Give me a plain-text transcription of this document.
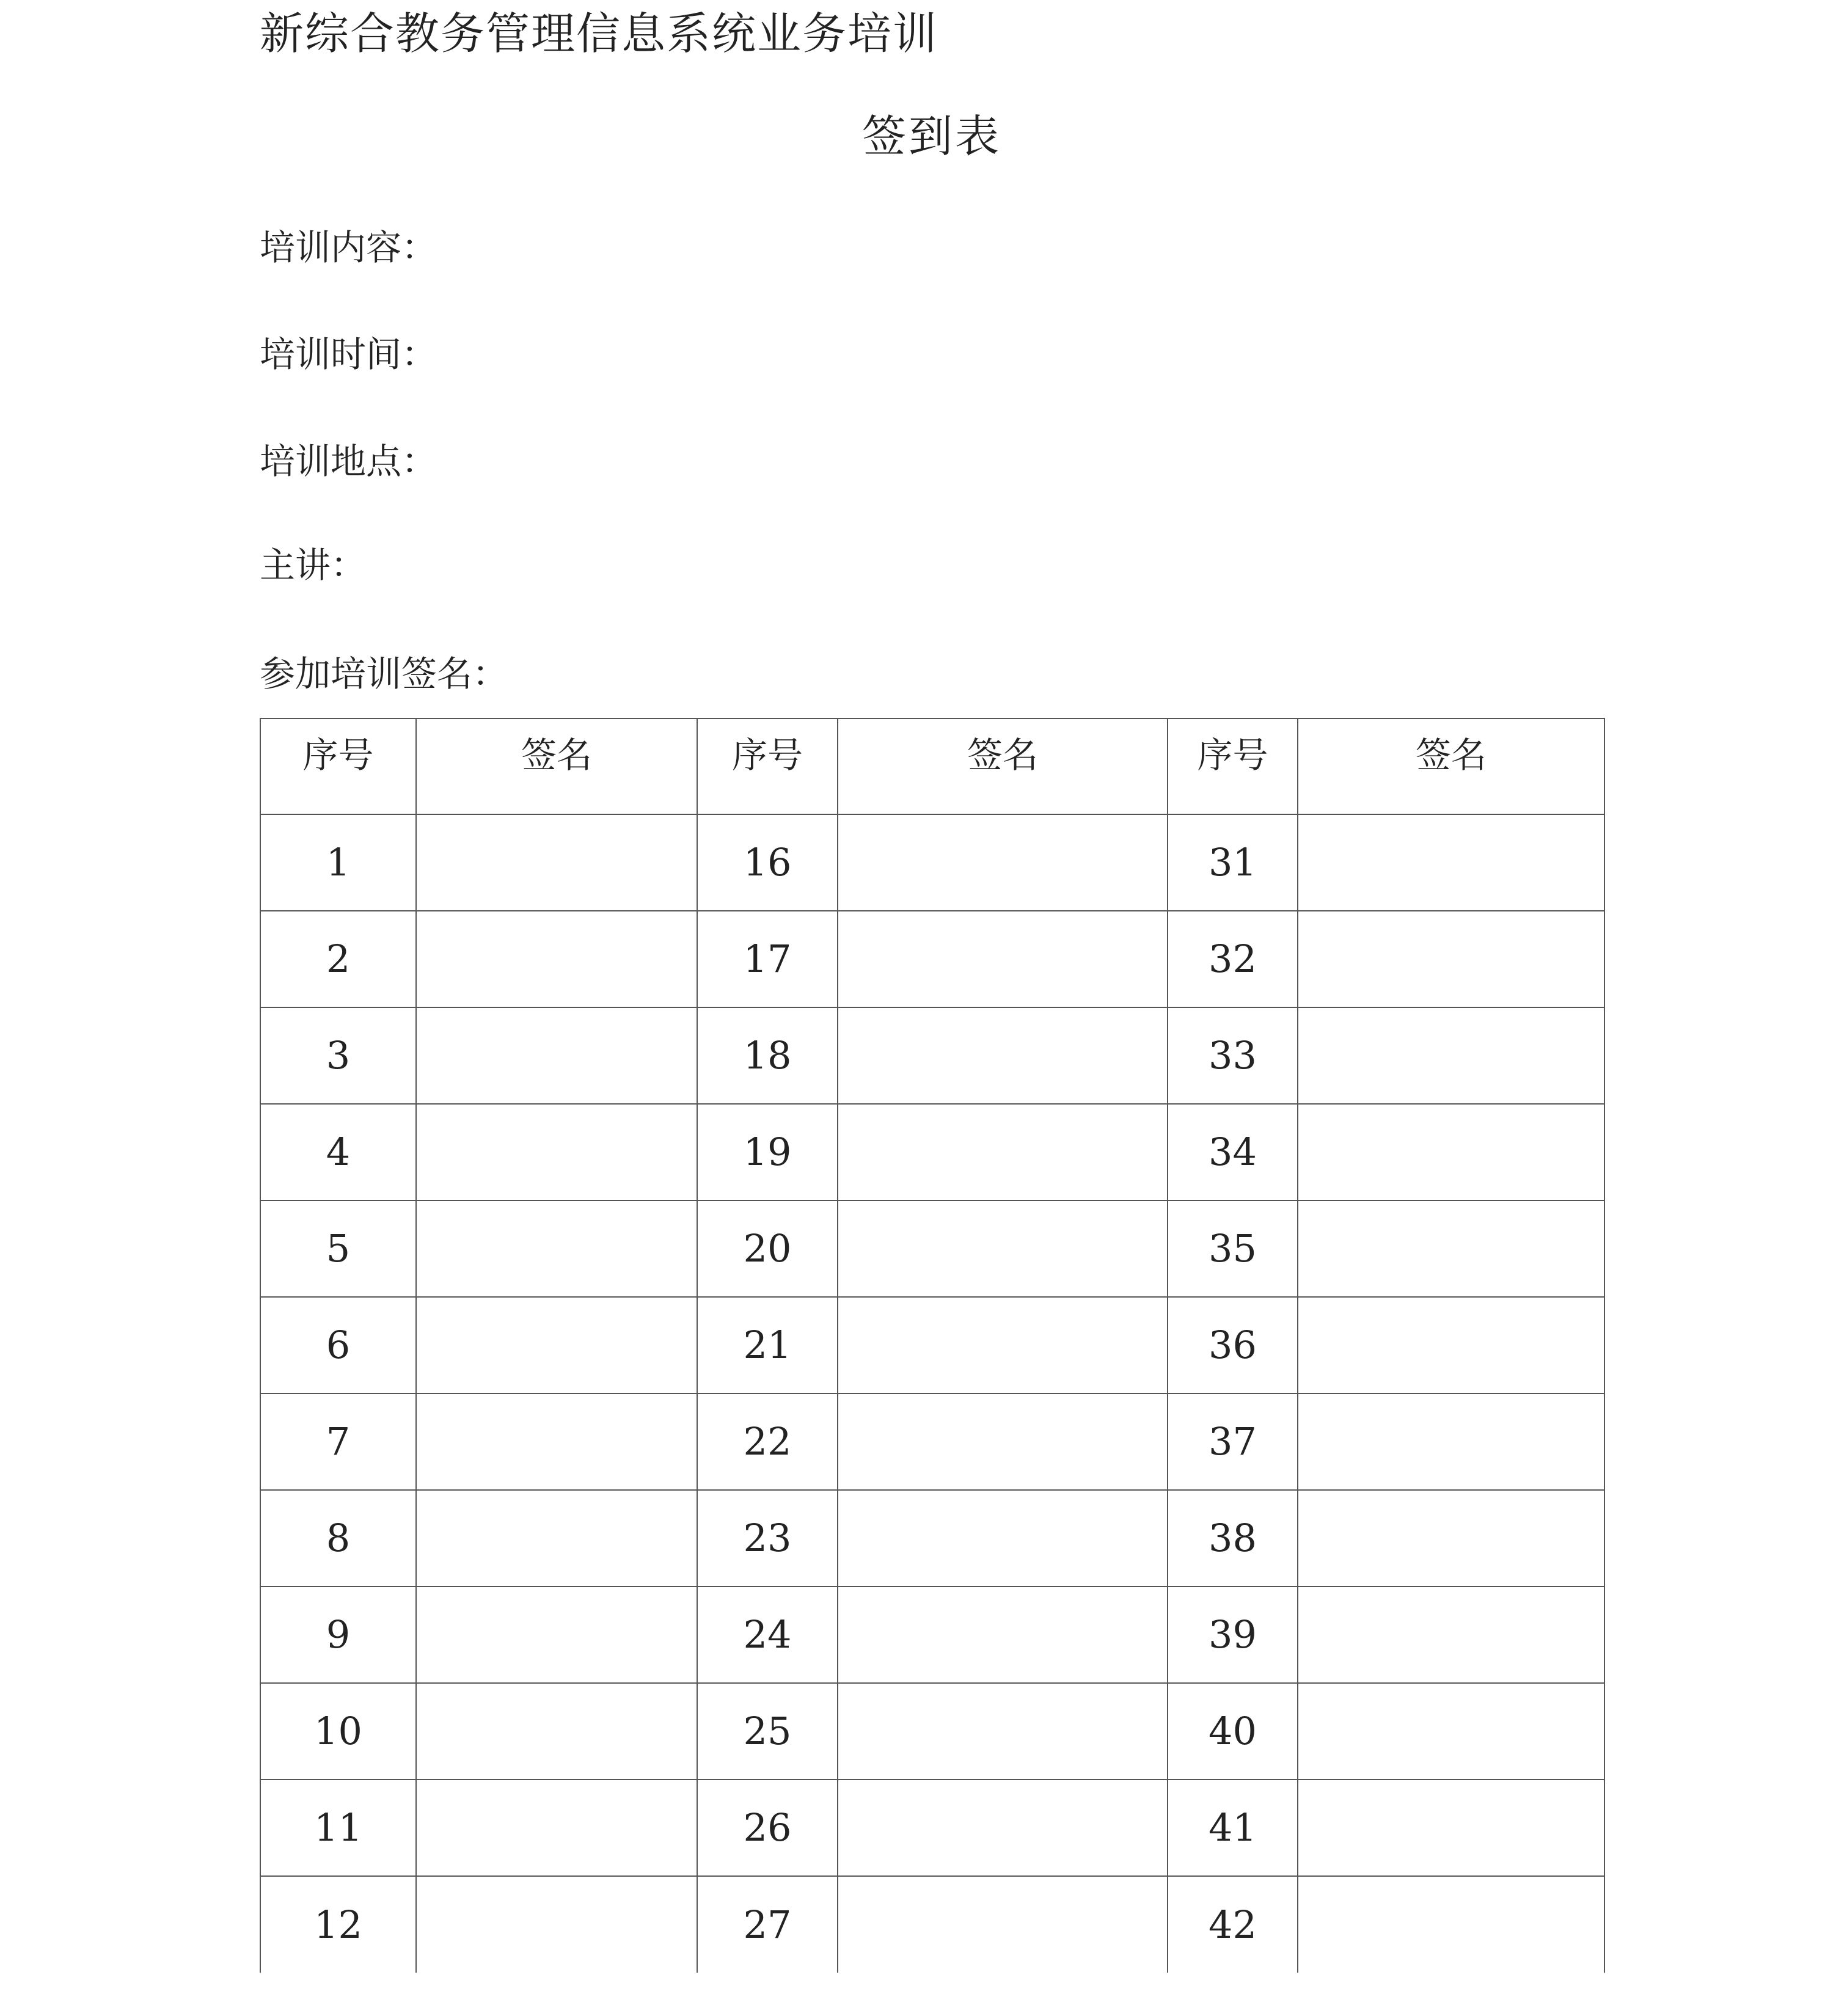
新综合教务管理信息系统业务培训
签到表
培训内容：
培训时间：
培训地点：
主讲：
参加培训签名：
序号	签名	序号	签名	序号	签名
1		16		31	
2		17		32	
3		18		33	
4		19		34	
5		20		35	
6		21		36	
7		22		37	
8		23		38	
9		24		39	
10		25		40	
11		26		41	
12		27		42	
